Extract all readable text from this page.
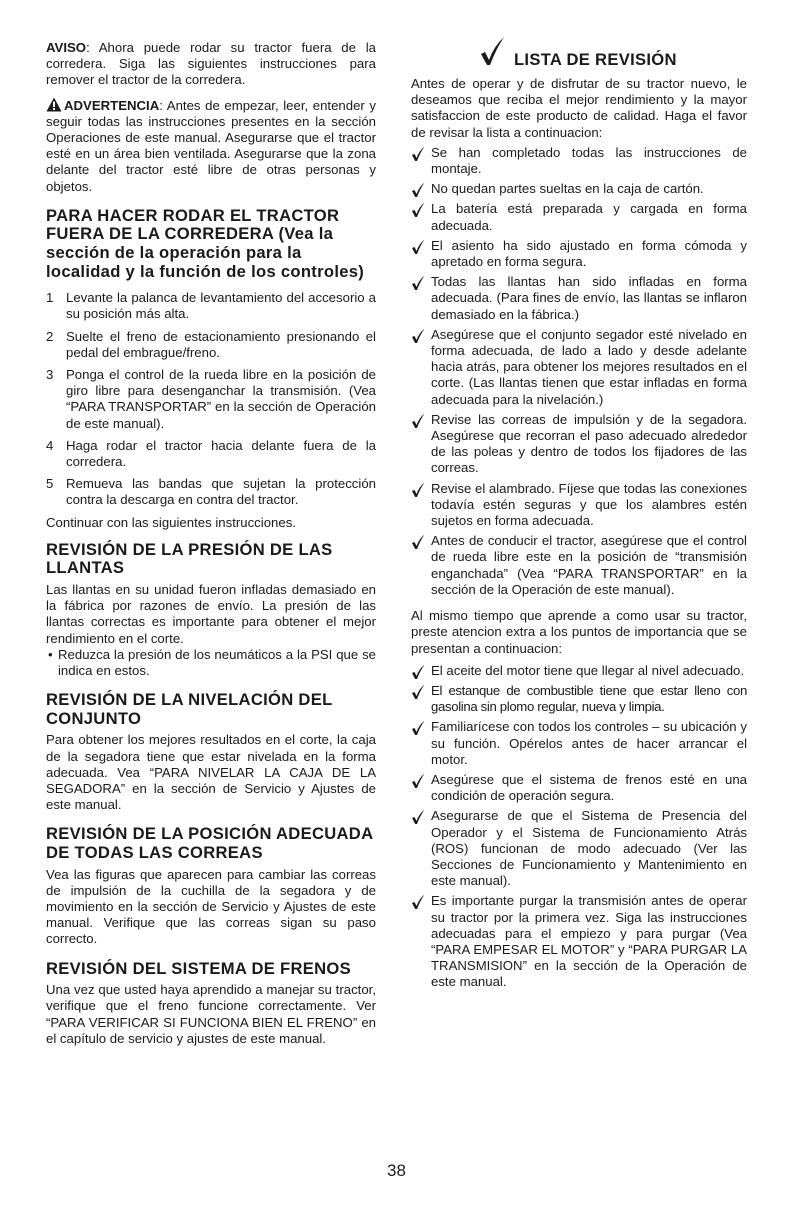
AVISO: Ahora puede rodar su tractor fuera de la corredera. Siga las siguientes instrucciones para remover el tractor de la corredera.

ADVERTENCIA: Antes de empezar, leer, entender y seguir todas las instrucciones presentes en la sección Operaciones de este manual. Asegurarse que el tractor esté en un área bien ventilada. Asegurarse que la zona delante del tractor esté libre de otras personas y objetos.

PARA HACER RODAR EL TRACTOR FUERA DE LA CORREDERA (Vea la sección de la operación para la localidad y la función de los controles)
1 Levante la palanca de levantamiento del accesorio a su posición más alta.
2 Suelte el freno de estacionamiento presionando el pedal del embrague/freno.
3 Ponga el control de la rueda libre en la posición de giro libre para desenganchar la transmisión. (Vea “PARA TRANSPORTAR” en la sección de Operación de este manual).
4 Haga rodar el tractor hacia delante fuera de la corredera.
5 Remueva las bandas que sujetan la protección contra la descarga en contra del tractor.

Continuar con las siguientes instrucciones.

REVISIÓN DE LA PRESIÓN DE LAS LLANTAS

Las llantas en su unidad fueron infladas demasiado en la fábrica por razones de envío. La presión de las llantas correctas es importante para obtener el mejor rendimiento en el corte.

• Reduzca la presión de los neumáticos a la PSI que se indica en estos.

REVISIÓN DE LA NIVELACIÓN DEL CONJUNTO

Para obtener los mejores resultados en el corte, la caja de la segadora tiene que estar nivelada en la forma adecuada. Vea “PARA NIVELAR LA CAJA DE LA SEGADORA” en la sección de Servicio y Ajustes de este manual.

REVISIÓN DE LA POSICIÓN ADECUADA DE TODAS LAS CORREAS

Vea las figuras que aparecen para cambiar las correas de impulsión de la cuchilla de la segadora y de movimiento en la sección de Servicio y Ajustes de este manual. Verifique que las correas sigan su paso correcto.

REVISIÓN DEL SISTEMA DE FRENOS

Una vez que usted haya aprendido a manejar su tractor, verifique que el freno funcione correctamente. Ver “PARA VERIFICAR SI FUNCIONA BIEN EL FRENO” en el capítulo de servicio y ajustes de este manual.

LISTA DE REVISIÓN

Antes de operar y de disfrutar de su tractor nuevo, le deseamos que reciba el mejor rendimiento y la mayor satisfaccion de este producto de calidad. Haga el favor de revisar la lista a continuacion:

Se han completado todas las instrucciones de montaje.
No quedan partes sueltas en la caja de cartón.
La batería está preparada y cargada en forma adecuada.
El asiento ha sido ajustado en forma cómoda y apretado en forma segura.
Todas las llantas han sido infladas en forma adecuada. (Para fines de envío, las llantas se inflaron demasiado en la fábrica.)
Asegúrese que el conjunto segador esté nivelado en forma adecuada, de lado a lado y desde adelante hacia atrás, para obtener los mejores resultados en el corte. (Las llantas tienen que estar infladas en forma adecuada para la nivelación.)
Revise las correas de impulsión y de la segadora. Asegúrese que recorran el paso adecuado alrededor de las poleas y dentro de todos los fijadores de las correas.
Revise el alambrado. Fíjese que todas las conexiones todavía estén seguras y que los alambres estén sujetos en forma adecuada.
Antes de conducir el tractor, asegúrese que el control de rueda libre este en la posición de “transmisión enganchada” (Vea “PARA TRANSPORTAR” en la sección de la Operación de este manual).

Al mismo tiempo que aprende a como usar su tractor, preste atencion extra a los puntos de importancia que se presentan a continuacion:

El aceite del motor tiene que llegar al nivel adecuado.
El estanque de combustible tiene que estar lleno con gasolina sin plomo regular, nueva y limpia.
Familiarícese con todos los controles – su ubicación y su función. Opérelos antes de hacer arrancar el motor.
Asegúrese que el sistema de frenos esté en una condición de operación segura.
Asegurarse de que el Sistema de Presencia del Operador y el Sistema de Funcionamiento Atrás (ROS) funcionan de modo adecuado (Ver las Secciones de Funcionamiento y Mantenimiento en este manual).
Es importante purgar la transmisión antes de operar su tractor por la primera vez. Siga las instrucciones adecuadas para el empiezo y para purgar (Vea “PARA EMPESAR EL MOTOR” y “PARA PURGAR LA TRANSMISION” en la sección de la Operación de este manual.
38
